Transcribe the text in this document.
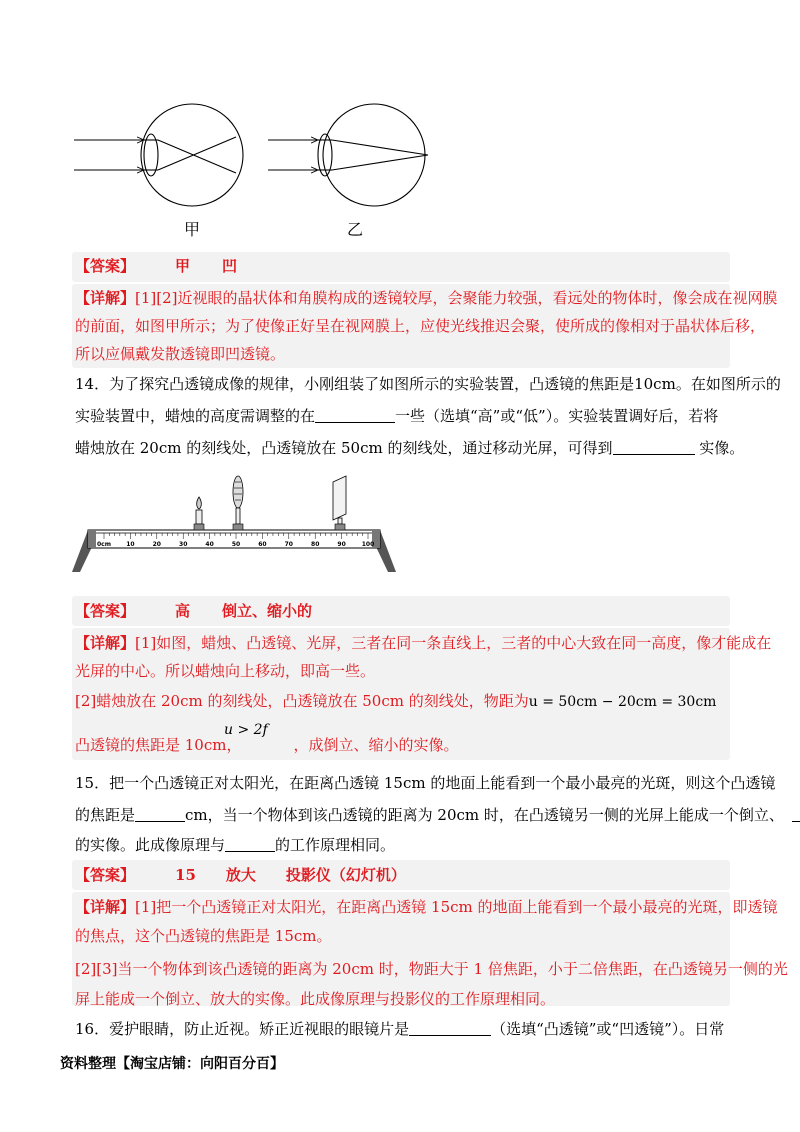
甲	乙
【答案】	甲 凹
【详解】[1][2]近视眼的晶状体和角膜构成的透镜较厚，会聚能力较强，看远处的物体时，像会成在视网膜
的前面，如图甲所示；为了使像正好呈在视网膜上，应使光线推迟会聚，使所成的像相对于晶状体后移，
所以应佩戴发散透镜即凹透镜。
14．为了探究凸透镜成像的规律，小刚组装了如图所示的实验装置，凸透镜的焦距是10cm。在如图所示的
实验装置中，蜡烛的高度需调整的在	一些（选填“高”或“低”）。实验装置调好后，若将
蜡烛放在 20cm 的刻线处，凸透镜放在 50cm 的刻线处，通过移动光屏，可得到	实像。
0cm	10	20	30	40	50	60	70	80	90	100
【答案】	高 倒立、缩小的
【详解】[1]如图，蜡烛、凸透镜、光屏，三者在同一条直线上，三者的中心大致在同一高度，像才能成在
光屏的中心。所以蜡烛向上移动，即高一些。
[2]蜡烛放在 20cm 的刻线处，凸透镜放在 50cm 的刻线处，物距为u = 50cm − 20cm = 30cm
u > 2f
凸透镜的焦距是 10cm，	，成倒立、缩小的实像。
15．把一个凸透镜正对太阳光，在距离凸透镜 15cm 的地面上能看到一个最小最亮的光斑，则这个凸透镜
的焦距是	cm，当一个物体到该凸透镜的距离为 20cm 时，在凸透镜另一侧的光屏上能成一个倒立、
的实像。此成像原理与	的工作原理相同。
【答案】	15 放大 投影仪（幻灯机）
【详解】[1]把一个凸透镜正对太阳光，在距离凸透镜 15cm 的地面上能看到一个最小最亮的光斑，即透镜
的焦点，这个凸透镜的焦距是 15cm。
[2][3]当一个物体到该凸透镜的距离为 20cm 时，物距大于 1 倍焦距，小于二倍焦距，在凸透镜另一侧的光
屏上能成一个倒立、放大的实像。此成像原理与投影仪的工作原理相同。
16．爱护眼睛，防止近视。矫正近视眼的眼镜片是	（选填“凸透镜”或“凹透镜”）。日常
资料整理【淘宝店铺：向阳百分百】
